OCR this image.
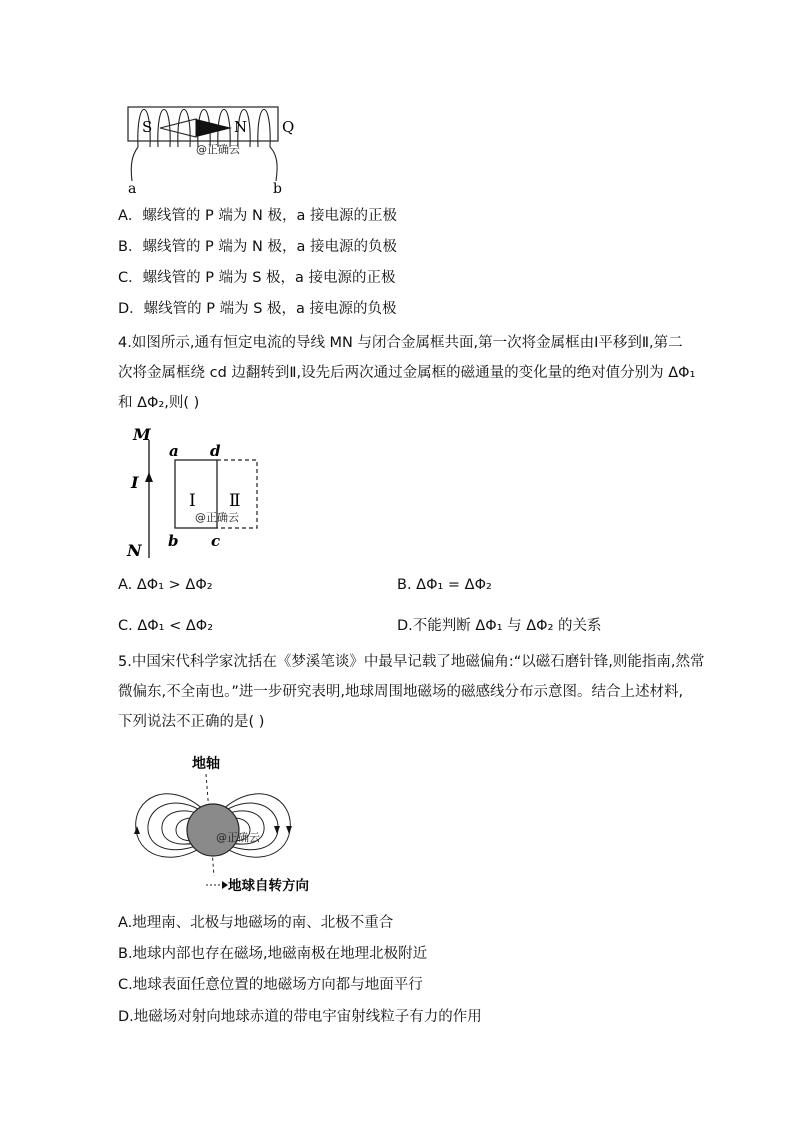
S	N Q
@正确云
a	b
A．螺线管的 P 端为 N 极，a 接电源的正极
B．螺线管的 P 端为 N 极，a 接电源的负极
C．螺线管的 P 端为 S 极，a 接电源的正极
D．螺线管的 P 端为 S 极，a 接电源的负极
4.如图所示,通有恒定电流的导线 MN 与闭合金属框共面,第一次将金属框由Ⅰ平移到Ⅱ,第二
次将金属框绕 cd 边翻转到Ⅱ,设先后两次通过金属框的磁通量的变化量的绝对值分别为 ΔΦ₁
和 ΔΦ₂,则( )
M
I
N
a d
b c
Ⅰ Ⅱ
@正确云
A. ΔΦ₁ > ΔΦ₂	B. ΔΦ₁ = ΔΦ₂
C. ΔΦ₁ < ΔΦ₂	D.不能判断 ΔΦ₁ 与 ΔΦ₂ 的关系
5.中国宋代科学家沈括在《梦溪笔谈》中最早记载了地磁偏角:“以磁石磨针锋,则能指南,然常
微偏东,不全南也。”进一步研究表明,地球周围地磁场的磁感线分布示意图。结合上述材料,
下列说法不正确的是( )
地轴
@正确云
地球自转方向
A.地理南、北极与地磁场的南、北极不重合
B.地球内部也存在磁场,地磁南极在地理北极附近
C.地球表面任意位置的地磁场方向都与地面平行
D.地磁场对射向地球赤道的带电宇宙射线粒子有力的作用
